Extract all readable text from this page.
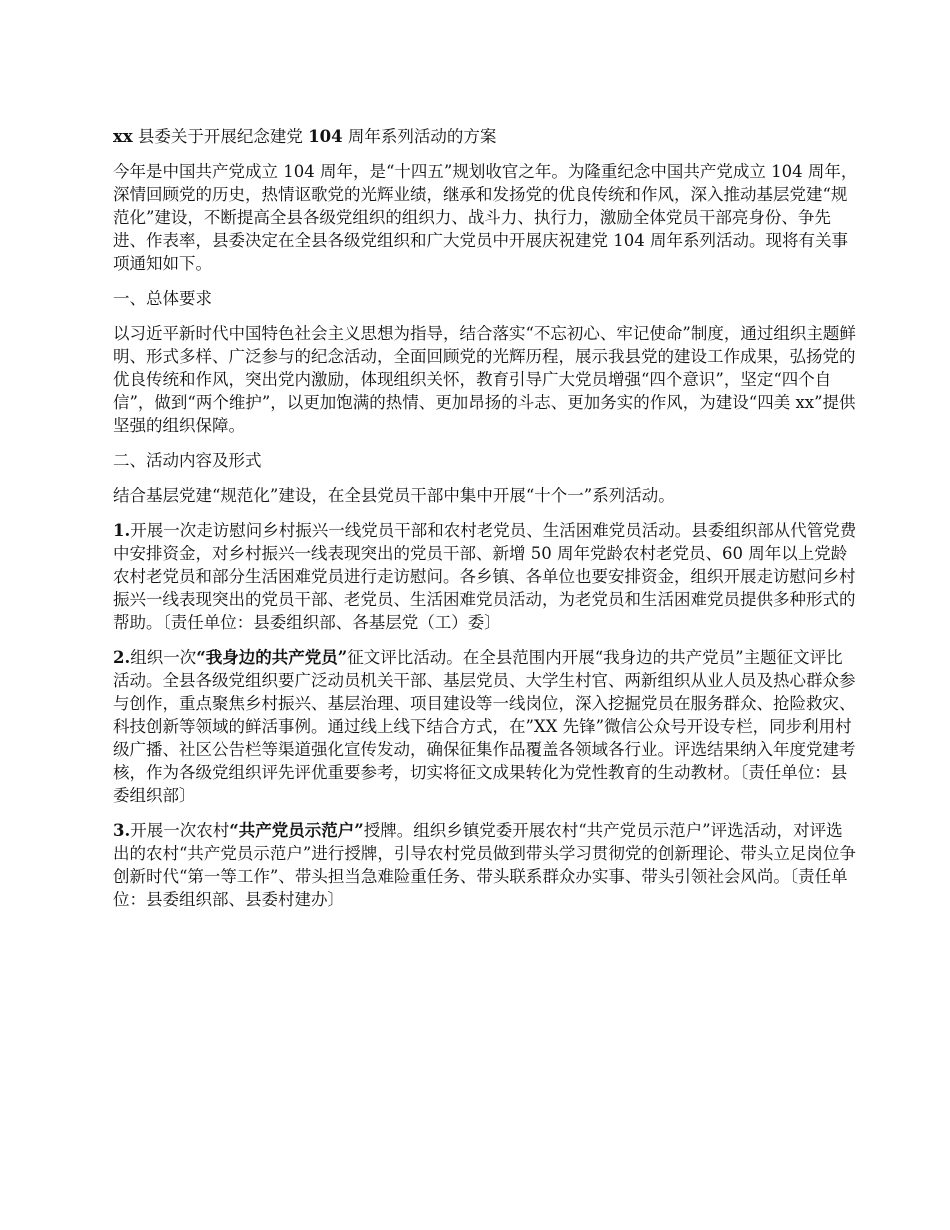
xx 县委关于开展纪念建党 104 周年系列活动的方案

今年是中国共产党成立 104 周年，是“十四五”规划收官之年。为隆重纪念中国共产党成立 104 周年，深情回顾党的历史，热情讴歌党的光辉业绩，继承和发扬党的优良传统和作风，深入推动基层党建“规范化”建设，不断提高全县各级党组织的组织力、战斗力、执行力，激励全体党员干部亮身份、争先进、作表率，县委决定在全县各级党组织和广大党员中开展庆祝建党 104 周年系列活动。现将有关事项通知如下。

一、总体要求

以习近平新时代中国特色社会主义思想为指导，结合落实“不忘初心、牢记使命”制度，通过组织主题鲜明、形式多样、广泛参与的纪念活动，全面回顾党的光辉历程，展示我县党的建设工作成果，弘扬党的优良传统和作风，突出党内激励，体现组织关怀，教育引导广大党员增强“四个意识”，坚定“四个自信”，做到“两个维护”，以更加饱满的热情、更加昂扬的斗志、更加务实的作风，为建设“四美 xx”提供坚强的组织保障。

二、活动内容及形式

结合基层党建“规范化”建设，在全县党员干部中集中开展“十个一”系列活动。

1.开展一次走访慰问乡村振兴一线党员干部和农村老党员、生活困难党员活动。县委组织部从代管党费中安排资金，对乡村振兴一线表现突出的党员干部、新增 50 周年党龄农村老党员、60 周年以上党龄农村老党员和部分生活困难党员进行走访慰问。各乡镇、各单位也要安排资金，组织开展走访慰问乡村振兴一线表现突出的党员干部、老党员、生活困难党员活动，为老党员和生活困难党员提供多种形式的帮助。〔责任单位：县委组织部、各基层党（工）委〕

2.组织一次“我身边的共产党员”征文评比活动。在全县范围内开展“我身边的共产党员”主题征文评比活动。全县各级党组织要广泛动员机关干部、基层党员、大学生村官、两新组织从业人员及热心群众参与创作，重点聚焦乡村振兴、基层治理、项目建设等一线岗位，深入挖掘党员在服务群众、抢险救灾、科技创新等领域的鲜活事例。通过线上线下结合方式，在”XX 先锋”微信公众号开设专栏，同步利用村级广播、社区公告栏等渠道强化宣传发动，确保征集作品覆盖各领域各行业。评选结果纳入年度党建考核，作为各级党组织评先评优重要参考，切实将征文成果转化为党性教育的生动教材。〔责任单位：县委组织部〕

3.开展一次农村“共产党员示范户”授牌。组织乡镇党委开展农村“共产党员示范户”评选活动，对评选出的农村“共产党员示范户”进行授牌，引导农村党员做到带头学习贯彻党的创新理论、带头立足岗位争创新时代“第一等工作”、带头担当急难险重任务、带头联系群众办实事、带头引领社会风尚。〔责任单位：县委组织部、县委村建办〕
